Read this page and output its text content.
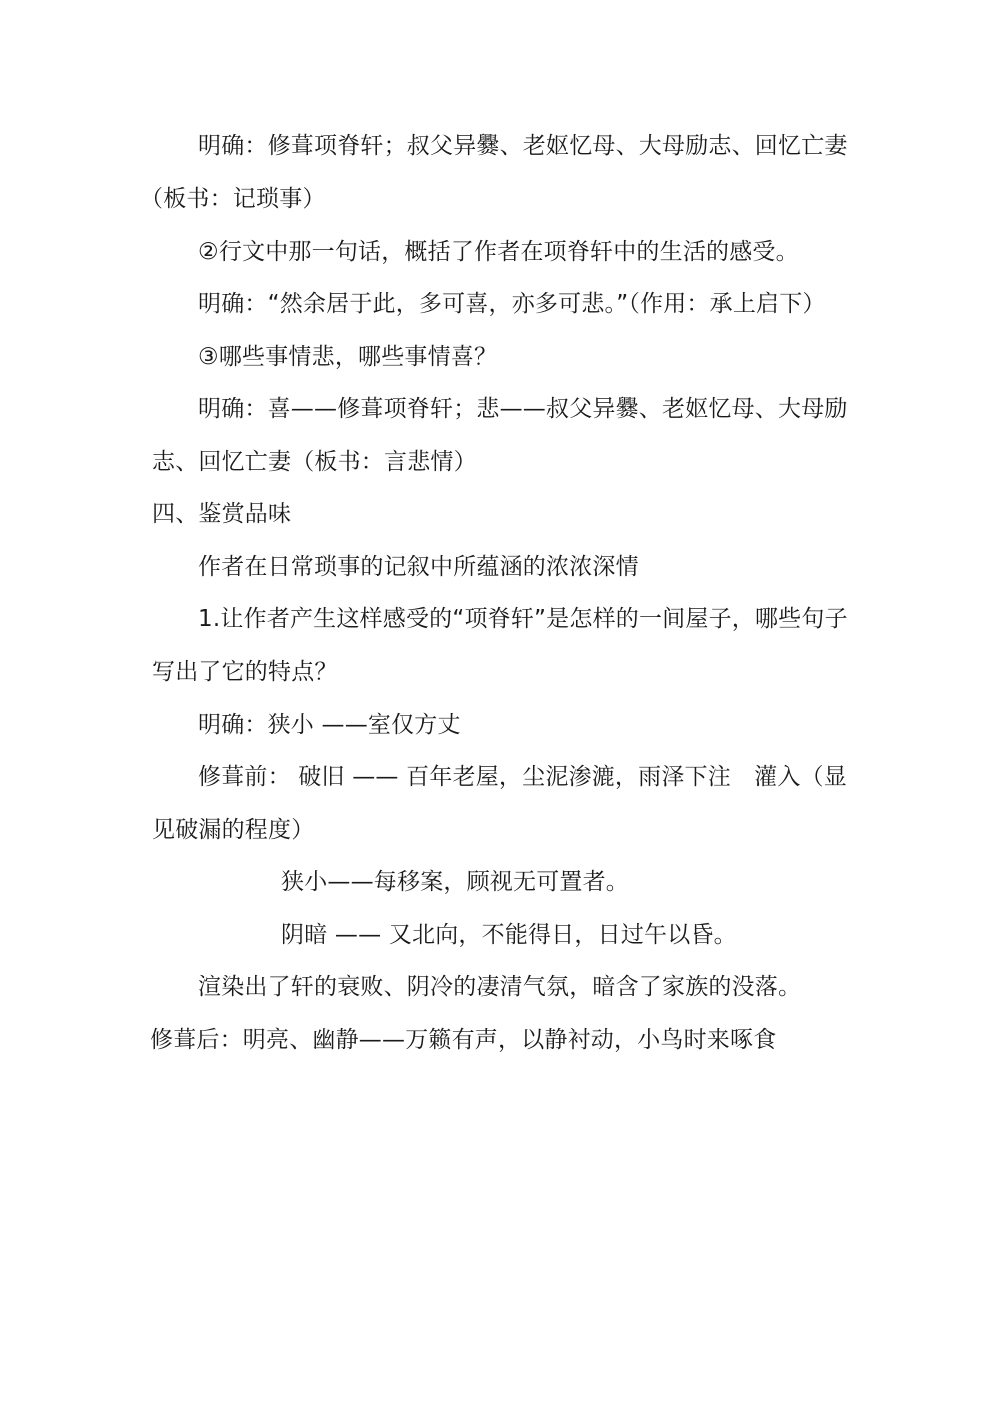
明确：修葺项脊轩；叔父异爨、老妪忆母、大母励志、回忆亡妻
（板书：记琐事）
②行文中那一句话，概括了作者在项脊轩中的生活的感受。
明确：“然余居于此，多可喜，亦多可悲。”（作用：承上启下）
③哪些事情悲，哪些事情喜？
明确：喜——修葺项脊轩；悲——叔父异爨、老妪忆母、大母励
志、回忆亡妻（板书：言悲情）
四、鉴赏品味
作者在日常琐事的记叙中所蕴涵的浓浓深情
1.让作者产生这样感受的“项脊轩”是怎样的一间屋子，哪些句子
写出了它的特点？
明确：狭小 ——室仅方丈
修葺前： 破旧 —— 百年老屋，尘泥渗漉，雨泽下注　灌入（显
见破漏的程度）
狭小——每移案，顾视无可置者。
阴暗 —— 又北向，不能得日，日过午以昏。
渲染出了轩的衰败、阴冷的凄清气氛，暗含了家族的没落。
修葺后：明亮、幽静——万籁有声，以静衬动，小鸟时来啄食
